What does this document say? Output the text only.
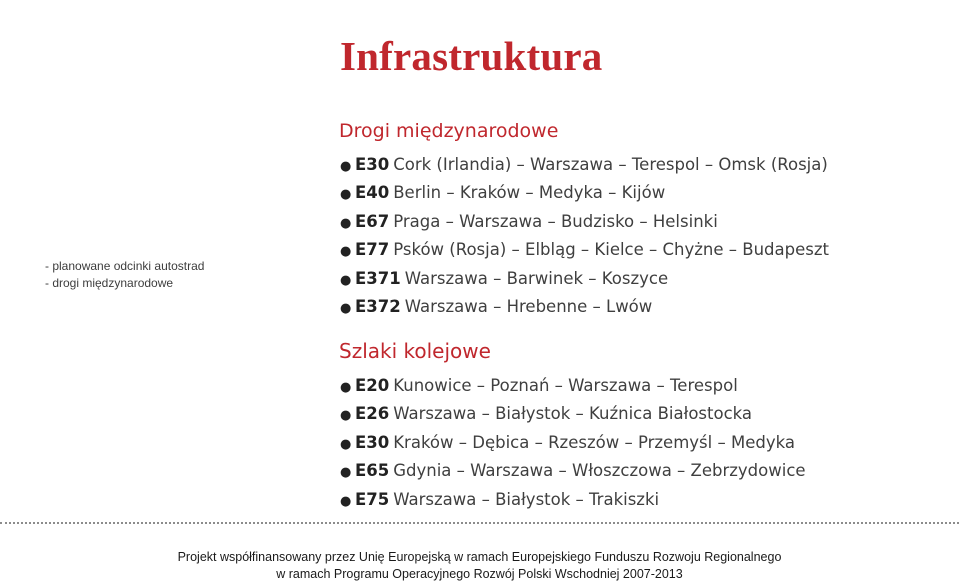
Infrastruktura
- planowane odcinki autostrad
- drogi międzynarodowe
Drogi międzynarodowe
● E30 Cork (Irlandia) – Warszawa – Terespol – Omsk (Rosja)
● E40 Berlin – Kraków – Medyka – Kijów
● E67 Praga – Warszawa – Budzisko – Helsinki
● E77 Psków (Rosja) – Elbląg – Kielce – Chyżne – Budapeszt
● E371 Warszawa – Barwinek – Koszyce
● E372 Warszawa – Hrebenne – Lwów
Szlaki kolejowe
● E20 Kunowice – Poznań – Warszawa – Terespol
● E26 Warszawa – Białystok – Kuźnica Białostocka
● E30 Kraków – Dębica – Rzeszów – Przemyśl – Medyka
● E65 Gdynia – Warszawa – Włoszczowa – Zebrzydowice
● E75 Warszawa – Białystok – Trakiszki
Projekt współfinansowany przez Unię Europejską w ramach Europejskiego Funduszu Rozwoju Regionalnego
w ramach Programu Operacyjnego Rozwój Polski Wschodniej 2007-2013
